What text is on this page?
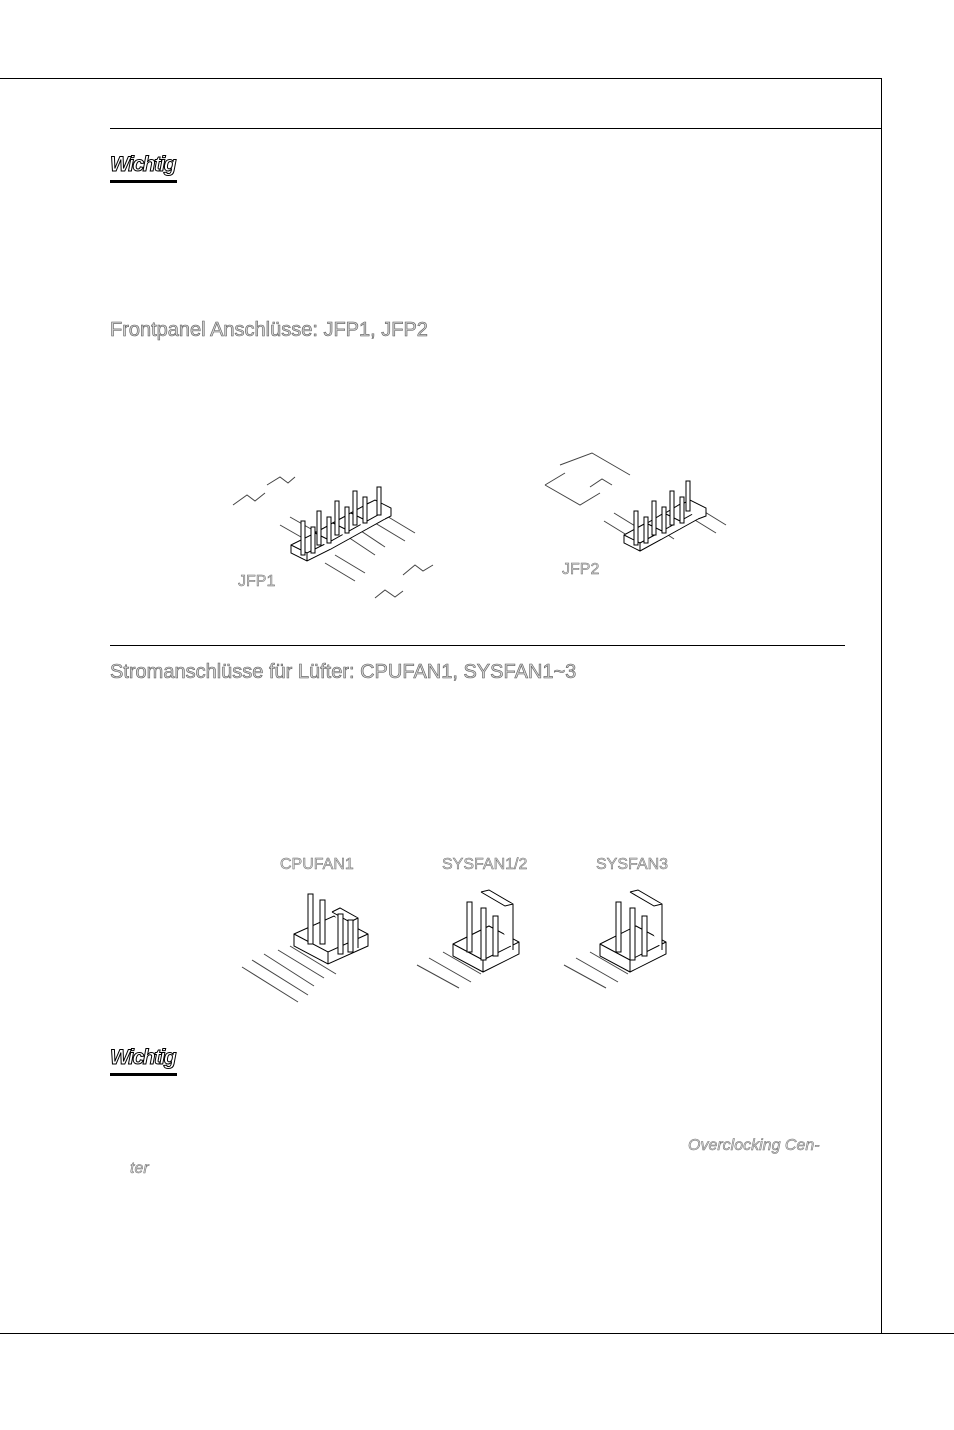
Wichtig
Frontpanel Anschlüsse: JFP1, JFP2
JFP1
JFP2
Stromanschlüsse für Lüfter: CPUFAN1, SYSFAN1~3
CPUFAN1	SYSFAN1/2	SYSFAN3
Wichtig
Overclocking Cen-
ter
